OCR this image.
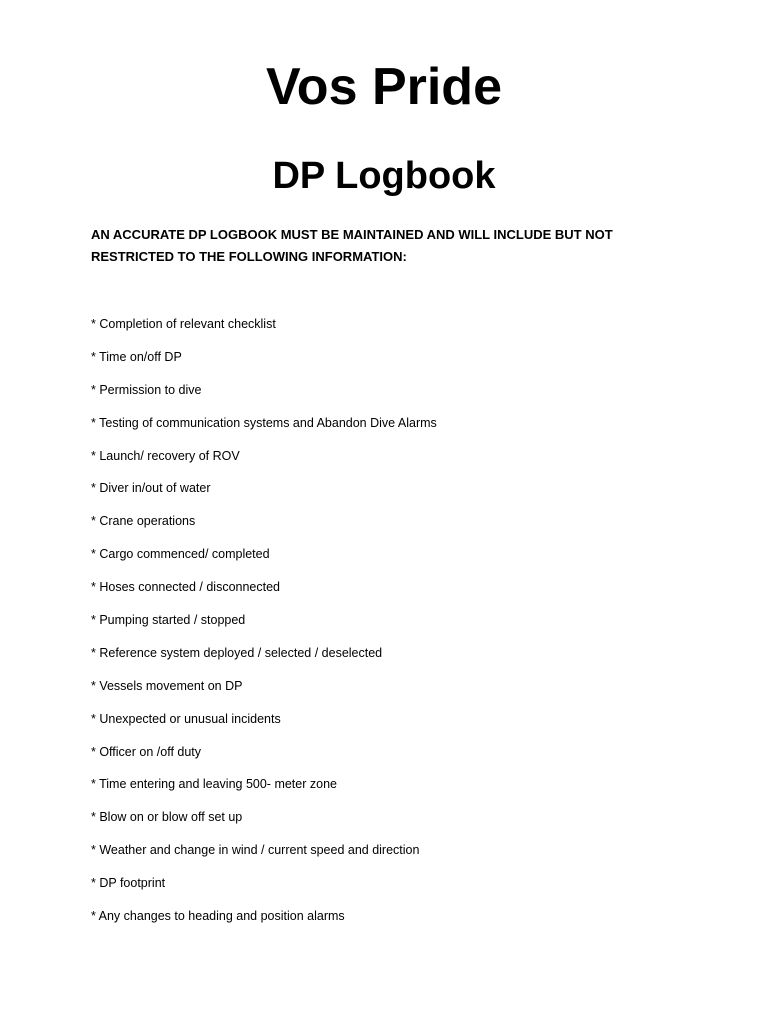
Vos Pride
DP Logbook

AN ACCURATE DP LOGBOOK MUST BE MAINTAINED AND WILL INCLUDE BUT NOT RESTRICTED TO THE FOLLOWING INFORMATION:

* Completion of relevant checklist
* Time on/off DP
* Permission to dive
* Testing of communication systems and Abandon Dive Alarms
* Launch/ recovery of ROV
* Diver in/out of water
* Crane operations
* Cargo commenced/ completed
* Hoses connected / disconnected
* Pumping started / stopped
* Reference system deployed / selected / deselected
* Vessels movement on DP
* Unexpected or unusual incidents
* Officer on /off duty
* Time entering and leaving 500- meter zone
* Blow on or blow off set up
* Weather and change in wind / current speed and direction
* DP footprint
* Any changes to heading and position alarms
